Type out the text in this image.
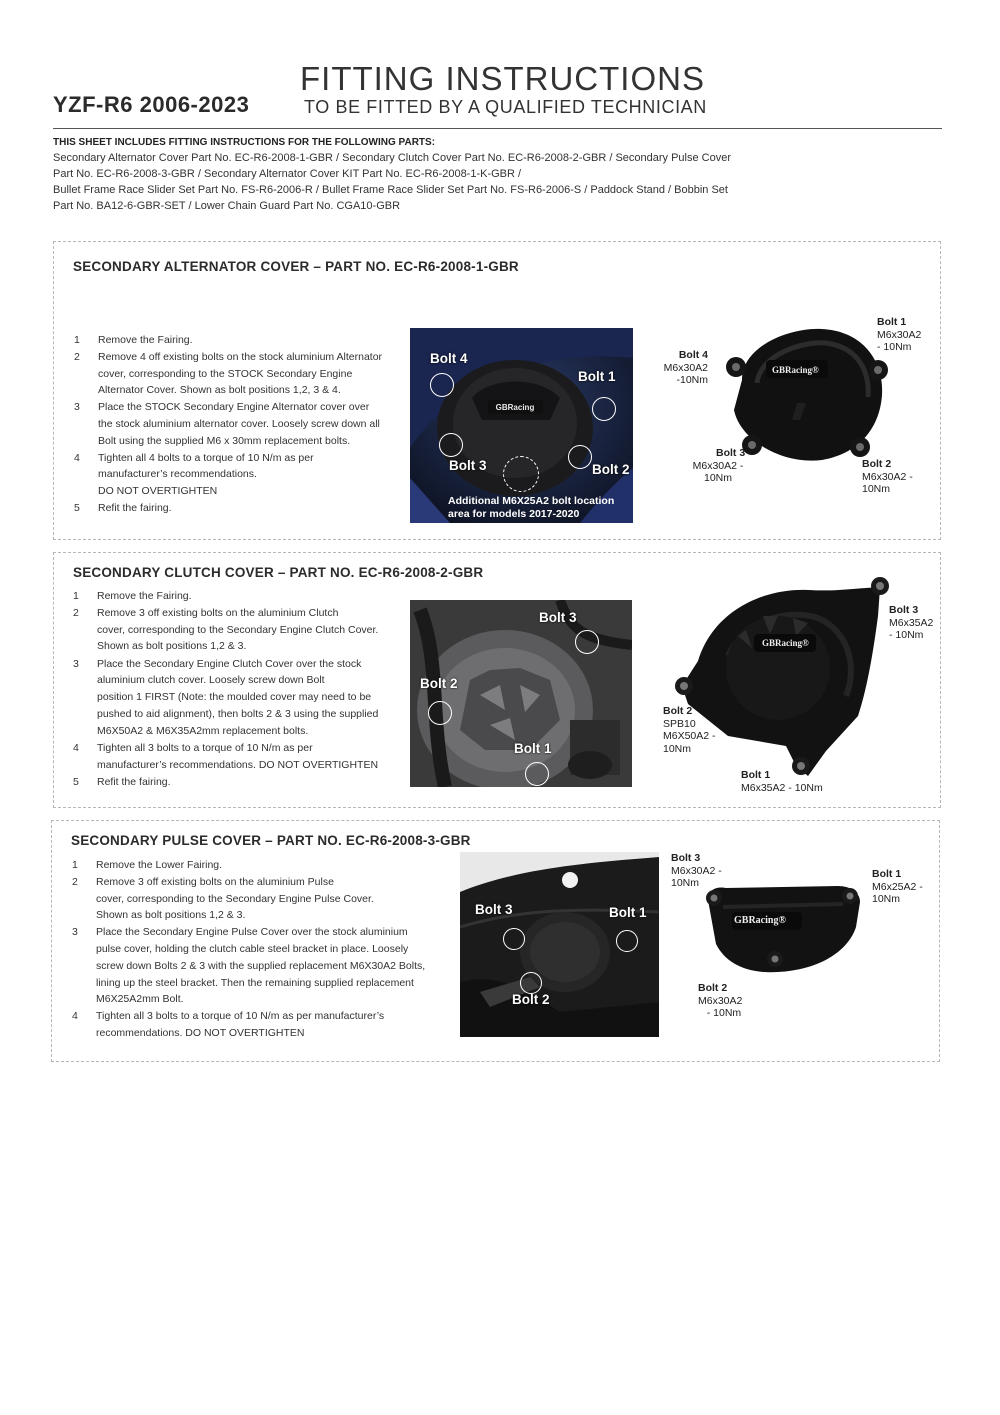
YZF-R6 2006-2023
FITTING INSTRUCTIONS
TO BE FITTED BY A QUALIFIED TECHNICIAN
THIS SHEET INCLUDES FITTING INSTRUCTIONS FOR THE FOLLOWING PARTS:
Secondary Alternator Cover Part No. EC-R6-2008-1-GBR / Secondary Clutch Cover Part No. EC-R6-2008-2-GBR / Secondary Pulse Cover
Part No. EC-R6-2008-3-GBR / Secondary Alternator Cover KIT Part No. EC-R6-2008-1-K-GBR /
Bullet Frame Race Slider Set Part No. FS-R6-2006-R / Bullet Frame Race Slider Set Part No. FS-R6-2006-S / Paddock Stand / Bobbin Set
Part No. BA12-6-GBR-SET / Lower Chain Guard Part No. CGA10-GBR
SECONDARY ALTERNATOR COVER – PART NO. EC-R6-2008-1-GBR
1	Remove the Fairing.
2	Remove 4 off existing bolts on the stock aluminium Alternator
cover, corresponding to the STOCK Secondary Engine
Alternator Cover. Shown as bolt positions 1,2, 3 & 4.
3	Place the STOCK Secondary Engine Alternator cover over
the stock aluminium alternator cover. Loosely screw down all
Bolt using the supplied M6 x 30mm replacement bolts.
4	Tighten all 4 bolts to a torque of 10 N/m as per
manufacturer’s recommendations.
DO NOT OVERTIGHTEN
5	Refit the fairing.
GBRacing
Bolt 4
Bolt 1
Bolt 3	Bolt 2
Additional M6X25A2 bolt location
area for models 2017-2020
GBRacing®
Bolt 1
M6x30A2
- 10Nm
Bolt 4
M6x30A2
-10Nm
Bolt 3
M6x30A2 -
10Nm
Bolt 2
M6x30A2 -
10Nm
SECONDARY CLUTCH COVER – PART NO. EC-R6-2008-2-GBR
1	Remove the Fairing.
2	Remove 3 off existing bolts on the aluminium Clutch
cover, corresponding to the Secondary Engine Clutch Cover.
Shown as bolt positions 1,2 & 3.
3	Place the Secondary Engine Clutch Cover over the stock
aluminium clutch cover. Loosely screw down Bolt
position 1 FIRST (Note: the moulded cover may need to be
pushed to aid alignment), then bolts 2 & 3 using the supplied
M6X50A2 & M6X35A2mm replacement bolts.
4	Tighten all 3 bolts to a torque of 10 N/m as per
manufacturer’s recommendations. DO NOT OVERTIGHTEN
5	Refit the fairing.
Bolt 3
Bolt 2
Bolt 1
GBRacing®
Bolt 3
M6x35A2
- 10Nm
Bolt 2
SPB10
M6X50A2 -
10Nm
Bolt 1
M6x35A2 - 10Nm
SECONDARY PULSE COVER – PART NO. EC-R6-2008-3-GBR
1	Remove the Lower Fairing.
2	Remove 3 off existing bolts on the aluminium Pulse
cover, corresponding to the Secondary Engine Pulse Cover.
Shown as bolt positions 1,2 & 3.
3	Place the Secondary Engine Pulse Cover over the stock aluminium
pulse cover, holding the clutch cable steel bracket in place. Loosely
screw down Bolts 2 & 3 with the supplied replacement M6X30A2 Bolts,
lining up the steel bracket. Then the remaining supplied replacement
M6X25A2mm Bolt.
4	Tighten all 3 bolts to a torque of 10 N/m as per manufacturer’s
recommendations. DO NOT OVERTIGHTEN
Bolt 3	Bolt 1
Bolt 2
GBRacing®
Bolt 3
M6x30A2 -
10Nm
Bolt 1
M6x25A2 -
10Nm
Bolt 2
M6x30A2
- 10Nm
